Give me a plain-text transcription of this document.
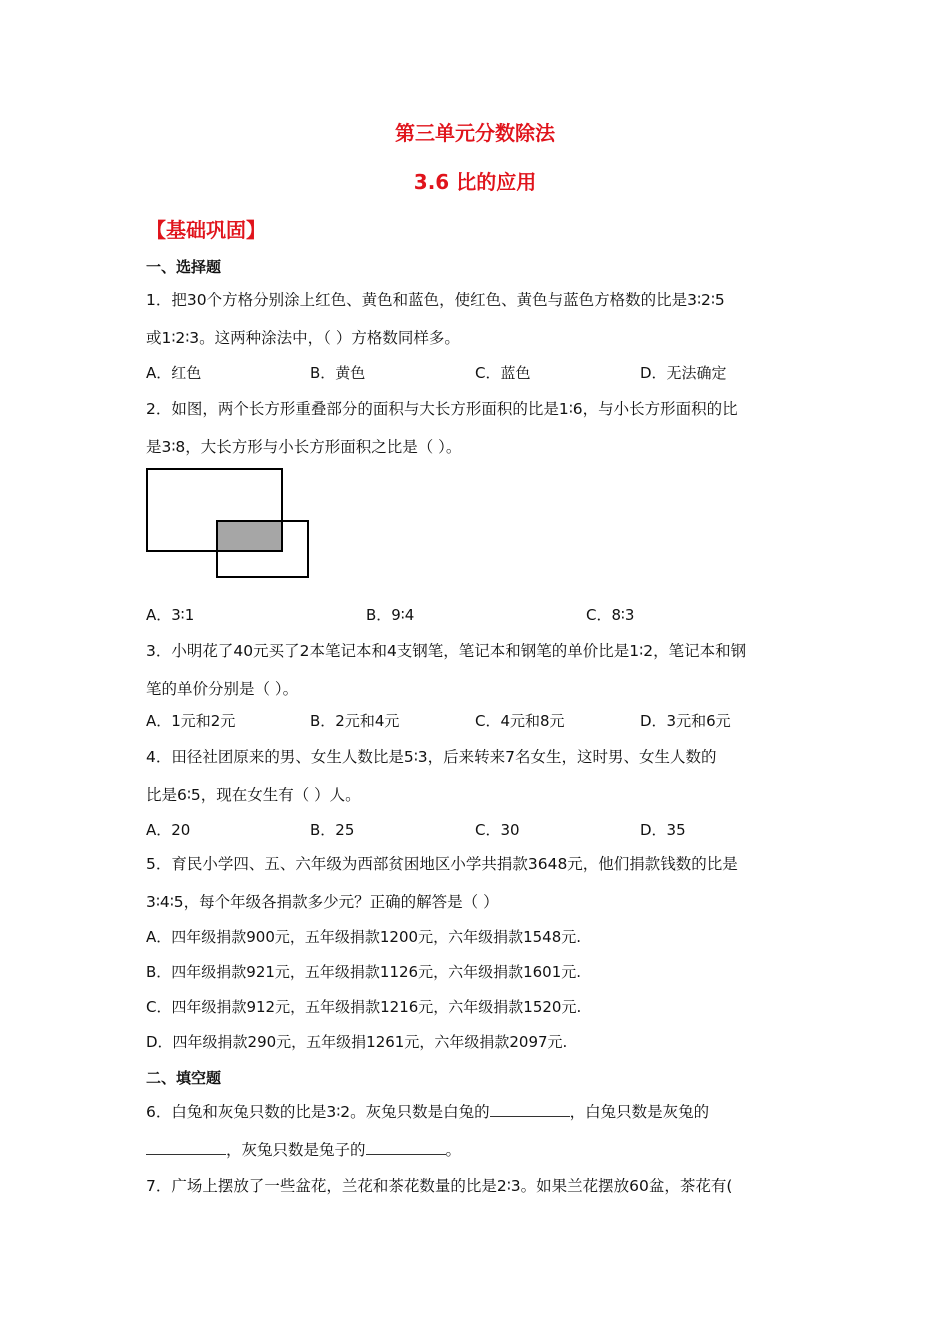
第三单元分数除法
3.6 比的应用
【基础巩固】
一、选择题
1．把30个方格分别涂上红色、黄色和蓝色，使红色、黄色与蓝色方格数的比是3∶2∶5
或1∶2∶3。这两种涂法中，（ ）方格数同样多。
A．红色	B．黄色	C．蓝色	D．无法确定
2．如图，两个长方形重叠部分的面积与大长方形面积的比是1∶6，与小长方形面积的比
是3∶8，大长方形与小长方形面积之比是（ ）。
A．3∶1	B．9∶4	C．8∶3
3．小明花了40元买了2本笔记本和4支钢笔，笔记本和钢笔的单价比是1∶2，笔记本和钢
笔的单价分别是（ ）。
A．1元和2元	B．2元和4元	C．4元和8元	D．3元和6元
4．田径社团原来的男、女生人数比是5∶3，后来转来7名女生，这时男、女生人数的
比是6∶5，现在女生有（ ）人。
A．20	B．25	C．30	D．35
5．育民小学四、五、六年级为西部贫困地区小学共捐款3648元，他们捐款钱数的比是
3∶4∶5，每个年级各捐款多少元？正确的解答是（ ）
A．四年级捐款900元，五年级捐款1200元，六年级捐款1548元.
B．四年级捐款921元，五年级捐款1126元，六年级捐款1601元.
C．四年级捐款912元，五年级捐款1216元，六年级捐款1520元.
D．四年级捐款290元，五年级捐1261元，六年级捐款2097元.
二、填空题
6．白兔和灰兔只数的比是3∶2。灰兔只数是白兔的	，白兔只数是灰兔的
，灰兔只数是兔子的	。
7．广场上摆放了一些盆花，兰花和茶花数量的比是2∶3。如果兰花摆放60盆，茶花有(
